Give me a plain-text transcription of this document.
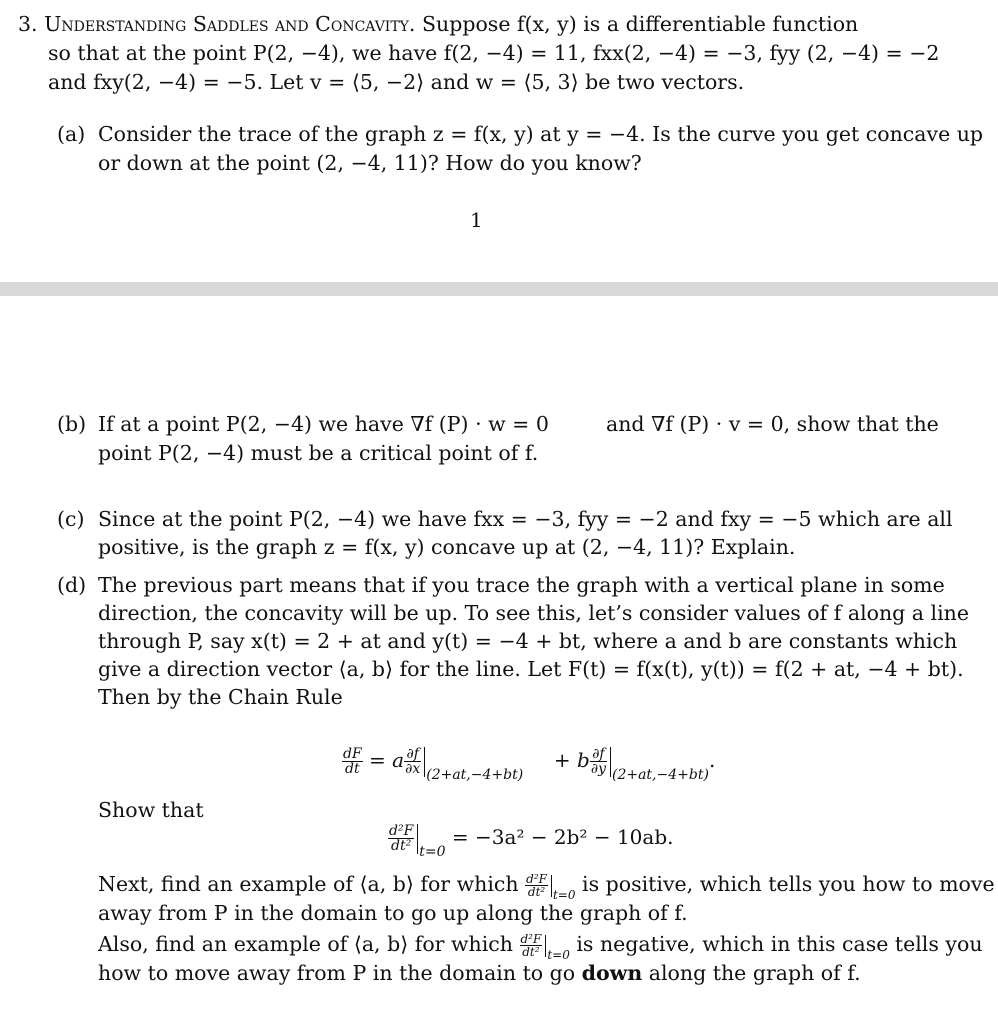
3. Understanding Saddles and Concavity. Suppose f(x, y) is a differentiable function
so that at the point P(2, −4), we have f(2, −4) = 11, fxx(2, −4) = −3, fyy (2, −4) = −2
and fxy(2, −4) = −5. Let v = ⟨5, −2⟩ and w = ⟨5, 3⟩ be two vectors.
(a) Consider the trace of the graph z = f(x, y) at y = −4. Is the curve you get concave up
or down at the point (2, −4, 11)? How do you know?
1
(b) If at a point P(2, −4) we have ∇f (P) · w = 0	and ∇f (P) · v = 0, show that the
point P(2, −4) must be a critical point of f.
(c) Since at the point P(2, −4) we have fxx = −3, fyy = −2 and fxy = −5 which are all
positive, is the graph z = f(x, y) concave up at (2, −4, 11)? Explain.
(d) The previous part means that if you trace the graph with a vertical plane in some
direction, the concavity will be up. To see this, let’s consider values of f along a line
through P, say x(t) = 2 + at and y(t) = −4 + bt, where a and b are constants which
give a direction vector ⟨a, b⟩ for the line. Let F(t) = f(x(t), y(t)) = f(2 + at, −4 + bt).
Then by the Chain Rule
$\frac{dF}{dt} = a \frac{\partial f}{\partial x} (2+at,-4+bt) + b \frac{\partial f}{\partial y} (2+at,-4+bt)$.
Show that
$\frac{\text{d²F}}{\text{dt²}} t=0 = -3a^2 - 2b^2 - 10ab$.
Next, find an example of ⟨a, b⟩ for which $\frac{\text{d²F}}{\text{dt²}} t=0$ is positive, which tells you how to move
away from P in the domain to go up along the graph of f.
Also, find an example of ⟨a, b⟩ for which $\frac{\text{d²F}}{\text{dt²}} t=0$ is negative, which in this case tells you
how to move away from P in the domain to go down along the graph of f.
